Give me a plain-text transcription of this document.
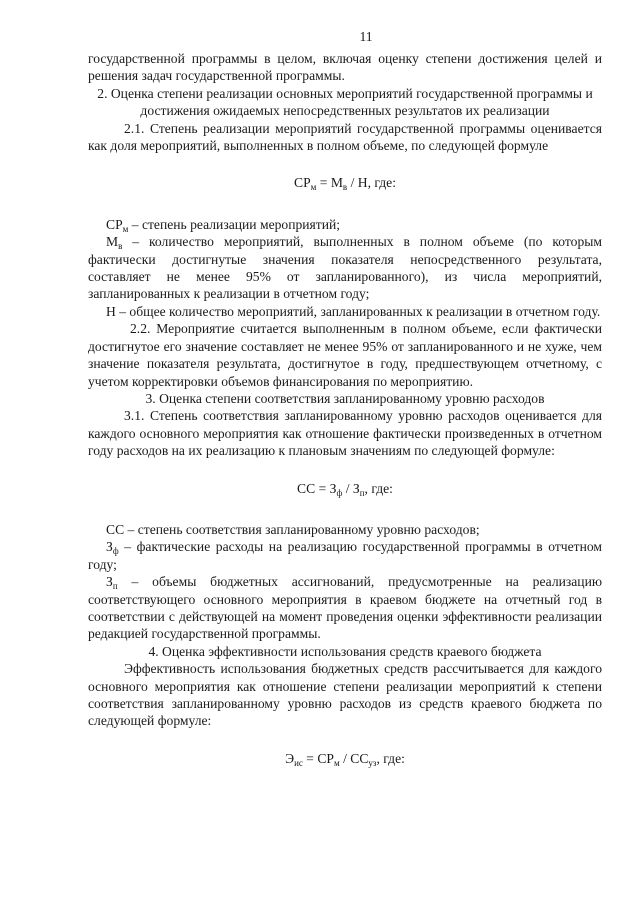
11

государственной программы в целом, включая оценку степени достижения целей и решения задач государственной программы.

2. Оценка степени реализации основных мероприятий государственной программы и достижения ожидаемых непосредственных результатов их реализации

2.1. Степень реализации мероприятий государственной программы оценивается как доля мероприятий, выполненных в полном объеме, по следующей формуле

$СР_м = М_в / Н$, где:

$СР_м$ – степень реализации мероприятий;

$М_в$ – количество мероприятий, выполненных в полном объеме (по которым фактически достигнутые значения показателя непосредственного результата, составляет не менее 95% от запланированного), из числа мероприятий, запланированных к реализации в отчетном году;

Н – общее количество мероприятий, запланированных к реализации в отчетном году.

2.2. Мероприятие считается выполненным в полном объеме, если фактически достигнутое его значение составляет не менее 95% от запланированного и не хуже, чем значение показателя результата, достигнутое в году, предшествующем отчетному, с учетом корректировки объемов финансирования по мероприятию.

3. Оценка степени соответствия запланированному уровню расходов

3.1. Степень соответствия запланированному уровню расходов оценивается для каждого основного мероприятия как отношение фактически произведенных в отчетном году расходов на их реализацию к плановым значениям по следующей формуле:

СС = $З_ф / З_п$, где:

СС – степень соответствия запланированному уровню расходов;

$З_ф$ – фактические расходы на реализацию государственной программы в отчетном году;

$З_п$ – объемы бюджетных ассигнований, предусмотренные на реализацию соответствующего основного мероприятия в краевом бюджете на отчетный год в соответствии с действующей на момент проведения оценки эффективности реализации редакцией государственной программы.

4. Оценка эффективности использования средств краевого бюджета

Эффективность использования бюджетных средств рассчитывается для каждого основного мероприятия как отношение степени реализации мероприятий к степени соответствия запланированному уровню расходов из средств краевого бюджета по следующей формуле:

$Э_{ис} = СР_м / СС_{уз}$, где:
